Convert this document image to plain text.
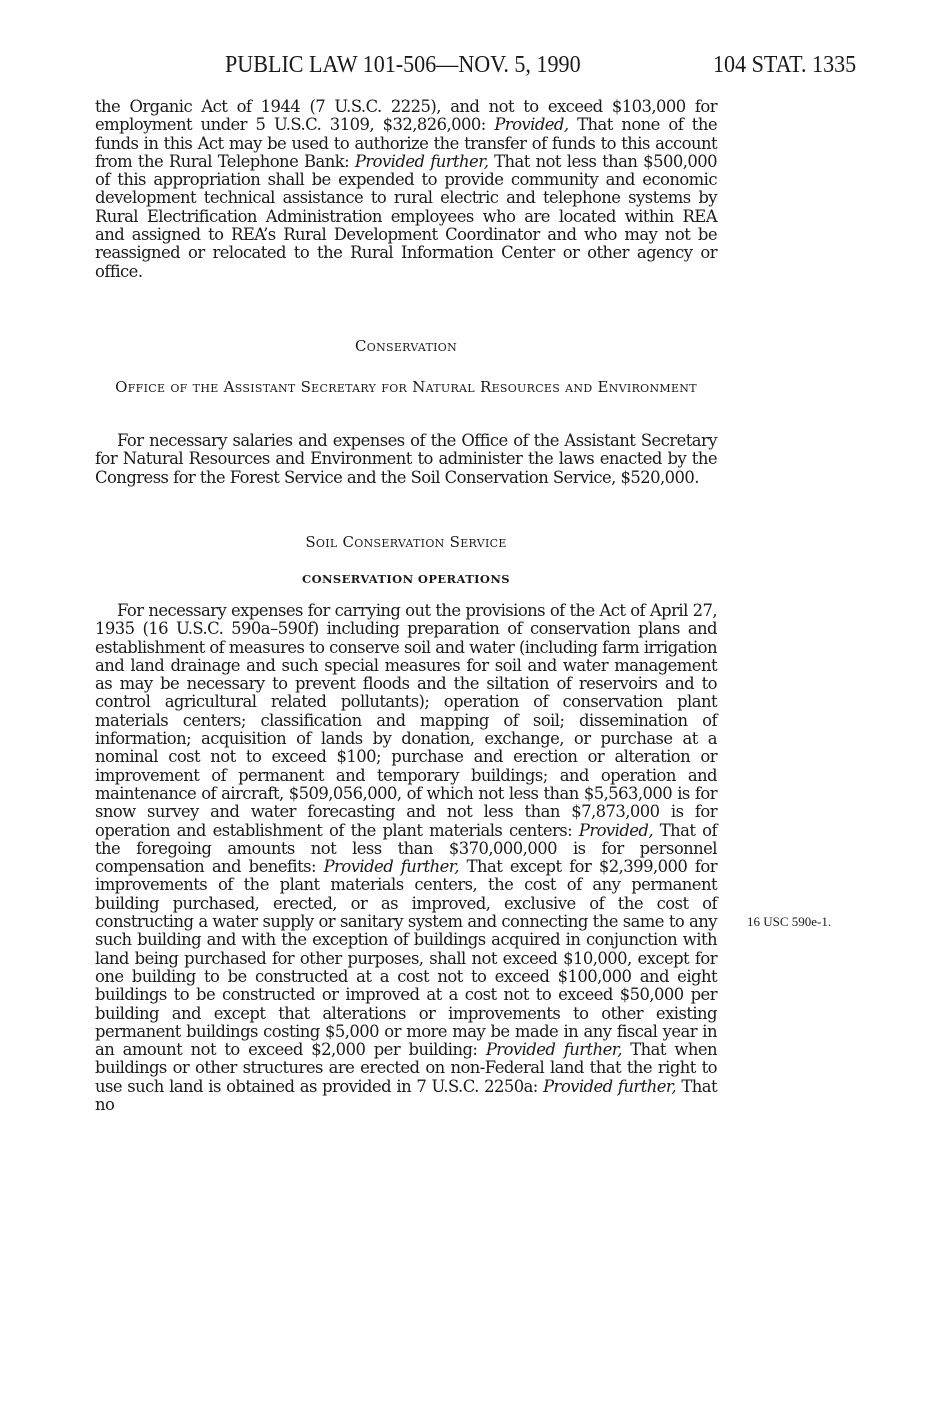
PUBLIC LAW 101-506—NOV. 5, 1990	104 STAT. 1335

the Organic Act of 1944 (7 U.S.C. 2225), and not to exceed $103,000 for employment under 5 U.S.C. 3109, $32,826,000: Provided, That none of the funds in this Act may be used to authorize the transfer of funds to this account from the Rural Telephone Bank: Provided further, That not less than $500,000 of this appropriation shall be expended to provide community and economic development technical assistance to rural electric and telephone systems by Rural Electrification Administration employees who are located within REA and assigned to REA’s Rural Development Coordinator and who may not be reassigned or relocated to the Rural Information Center or other agency or office.

Conservation
Office of the Assistant Secretary for Natural Resources and Environment

For necessary salaries and expenses of the Office of the Assistant Secretary for Natural Resources and Environment to administer the laws enacted by the Congress for the Forest Service and the Soil Conservation Service, $520,000.

Soil Conservation Service
CONSERVATION OPERATIONS

For necessary expenses for carrying out the provisions of the Act of April 27, 1935 (16 U.S.C. 590a–590f) including preparation of conservation plans and establishment of measures to conserve soil and water (including farm irrigation and land drainage and such special measures for soil and water management as may be necessary to prevent floods and the siltation of reservoirs and to control agricultural related pollutants); operation of conservation plant materials centers; classification and mapping of soil; dissemination of information; acquisition of lands by donation, exchange, or purchase at a nominal cost not to exceed $100; purchase and erection or alteration or improvement of permanent and temporary buildings; and operation and maintenance of aircraft, $509,056,000, of which not less than $5,563,000 is for snow survey and water forecasting and not less than $7,873,000 is for operation and establishment of the plant materials centers: Provided, That of the foregoing amounts not less than $370,000,000 is for personnel compensation and benefits: Provided further, That except for $2,399,000 for improvements of the plant materials centers, the cost of any permanent building purchased, erected, or as improved, exclusive of the cost of constructing a water supply or sanitary system and connecting the same to any such building and with the exception of buildings acquired in conjunction with land being purchased for other purposes, shall not exceed $10,000, except for one building to be constructed at a cost not to exceed $100,000 and eight buildings to be constructed or improved at a cost not to exceed $50,000 per building and except that alterations or improvements to other existing permanent buildings costing $5,000 or more may be made in any fiscal year in an amount not to exceed $2,000 per building: Provided further, That when buildings or other structures are erected on non-Federal land that the right to use such land is obtained as provided in 7 U.S.C. 2250a: Provided further, That no

16 USC 590e-1.
